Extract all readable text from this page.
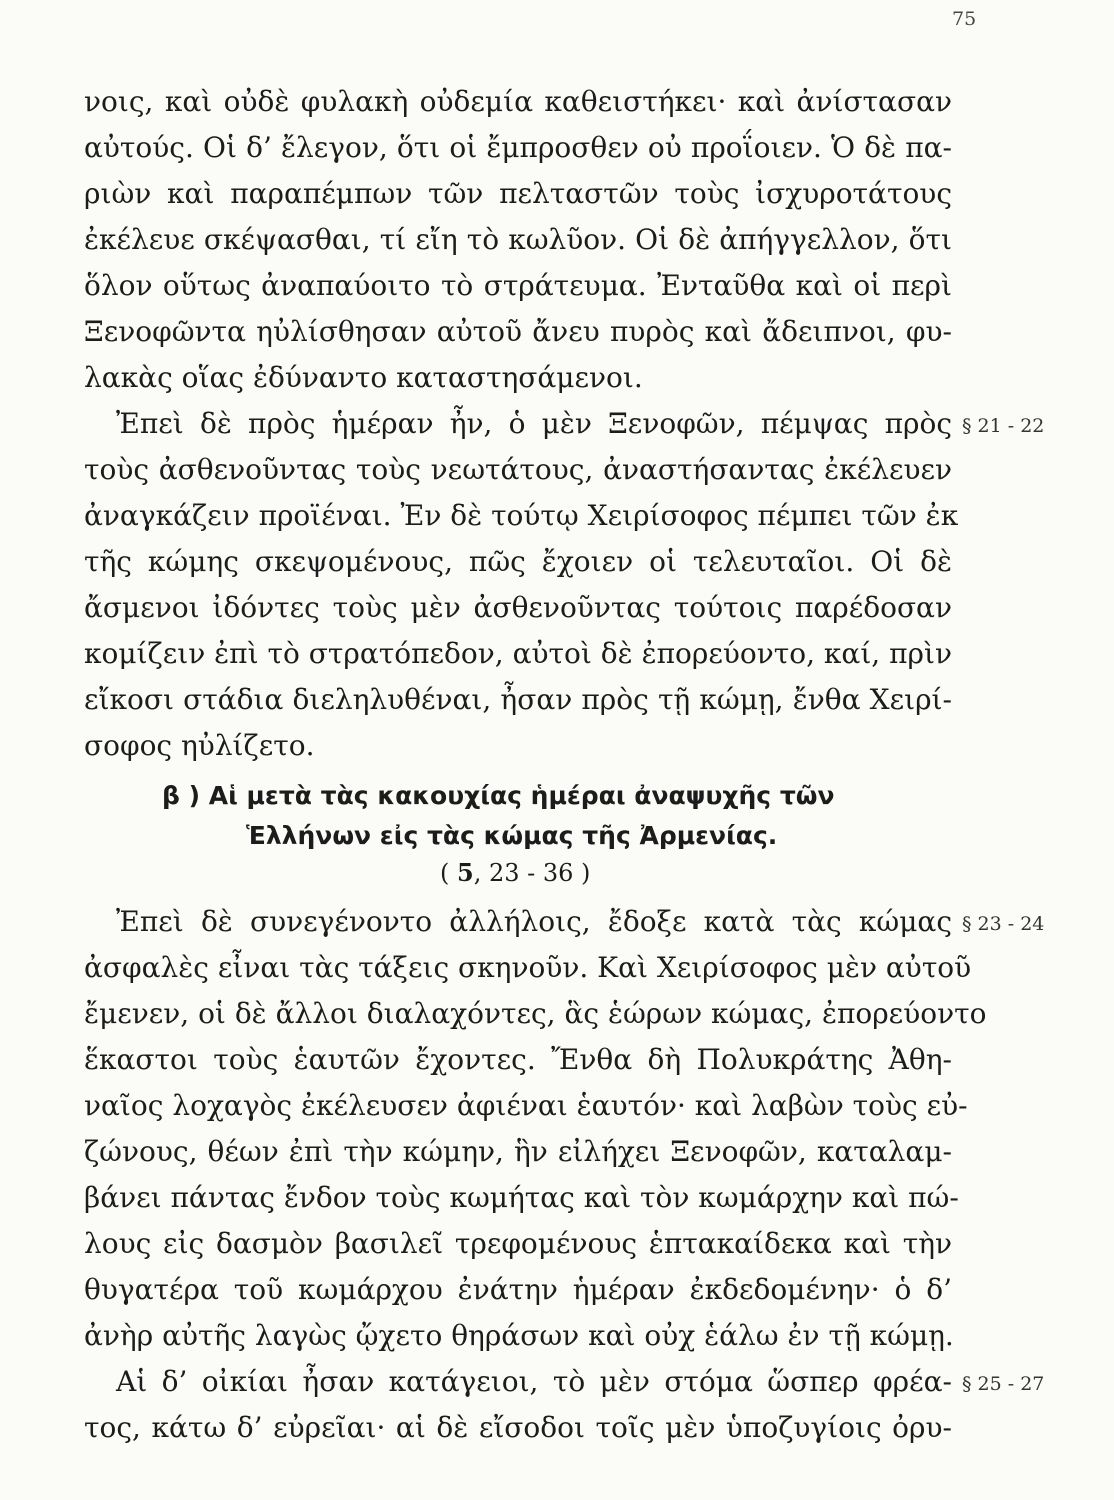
75
νοις, καὶ οὐδὲ φυλακὴ οὐδεμία καθειστήκει· καὶ ἀνίστασαν
αὐτούς. Οἱ δ’ ἔλεγον, ὅτι οἱ ἔμπροσθεν οὐ προΐοιεν. Ὁ δὲ πα-
ριὼν καὶ παραπέμπων τῶν πελταστῶν τοὺς ἰσχυροτάτους
ἐκέλευε σκέψασθαι, τί εἴη τὸ κωλῦον. Οἱ δὲ ἀπήγγελλον, ὅτι
ὅλον οὕτως ἀναπαύοιτο τὸ στράτευμα. Ἐνταῦθα καὶ οἱ περὶ
Ξενοφῶντα ηὐλίσθησαν αὐτοῦ ἄνευ πυρὸς καὶ ἄδειπνοι, φυ-
λακὰς οἵας ἐδύναντο καταστησάμενοι.
Ἐπεὶ δὲ πρὸς ἡμέραν ἦν, ὁ μὲν Ξενοφῶν, πέμψας πρὸς
τοὺς ἀσθενοῦντας τοὺς νεωτάτους, ἀναστήσαντας ἐκέλευεν
ἀναγκάζειν προϊέναι. Ἐν δὲ τούτῳ Χειρίσοφος πέμπει τῶν ἐκ
τῆς κώμης σκεψομένους, πῶς ἔχοιεν οἱ τελευταῖοι. Οἱ δὲ
ἄσμενοι ἰδόντες τοὺς μὲν ἀσθενοῦντας τούτοις παρέδοσαν
κομίζειν ἐπὶ τὸ στρατόπεδον, αὐτοὶ δὲ ἐπορεύοντο, καί, πρὶν
εἴκοσι στάδια διεληλυθέναι, ἦσαν πρὸς τῇ κώμῃ, ἔνθα Χειρί-
σοφος ηὐλίζετο.
§ 21 - 22
β ) Αἱ μετὰ τὰς κακουχίας ἡμέραι ἀναψυχῆς τῶν
Ἑλλήνων εἰς τὰς κώμας τῆς Ἀρμενίας.
( 5, 23 - 36 )
Ἐπεὶ δὲ συνεγένοντο ἀλλήλοις, ἔδοξε κατὰ τὰς κώμας
ἀσφαλὲς εἶναι τὰς τάξεις σκηνοῦν. Καὶ Χειρίσοφος μὲν αὐτοῦ
ἔμενεν, οἱ δὲ ἄλλοι διαλαχόντες, ἃς ἑώρων κώμας, ἐπορεύοντο
ἕκαστοι τοὺς ἑαυτῶν ἔχοντες. Ἔνθα δὴ Πολυκράτης Ἀθη-
ναῖος λοχαγὸς ἐκέλευσεν ἀφιέναι ἑαυτόν· καὶ λαβὼν τοὺς εὐ-
ζώνους, θέων ἐπὶ τὴν κώμην, ἣν εἰλήχει Ξενοφῶν, καταλαμ-
βάνει πάντας ἔνδον τοὺς κωμήτας καὶ τὸν κωμάρχην καὶ πώ-
λους εἰς δασμὸν βασιλεῖ τρεφομένους ἑπτακαίδεκα καὶ τὴν
θυγατέρα τοῦ κωμάρχου ἐνάτην ἡμέραν ἐκδεδομένην· ὁ δ’
ἀνὴρ αὐτῆς λαγὼς ᾤχετο θηράσων καὶ οὐχ ἑάλω ἐν τῇ κώμῃ.
§ 23 - 24
Αἱ δ’ οἰκίαι ἦσαν κατάγειοι, τὸ μὲν στόμα ὥσπερ φρέα-
τος, κάτω δ’ εὐρεῖαι· αἱ δὲ εἴσοδοι τοῖς μὲν ὑποζυγίοις ὀρυ-
§ 25 - 27
